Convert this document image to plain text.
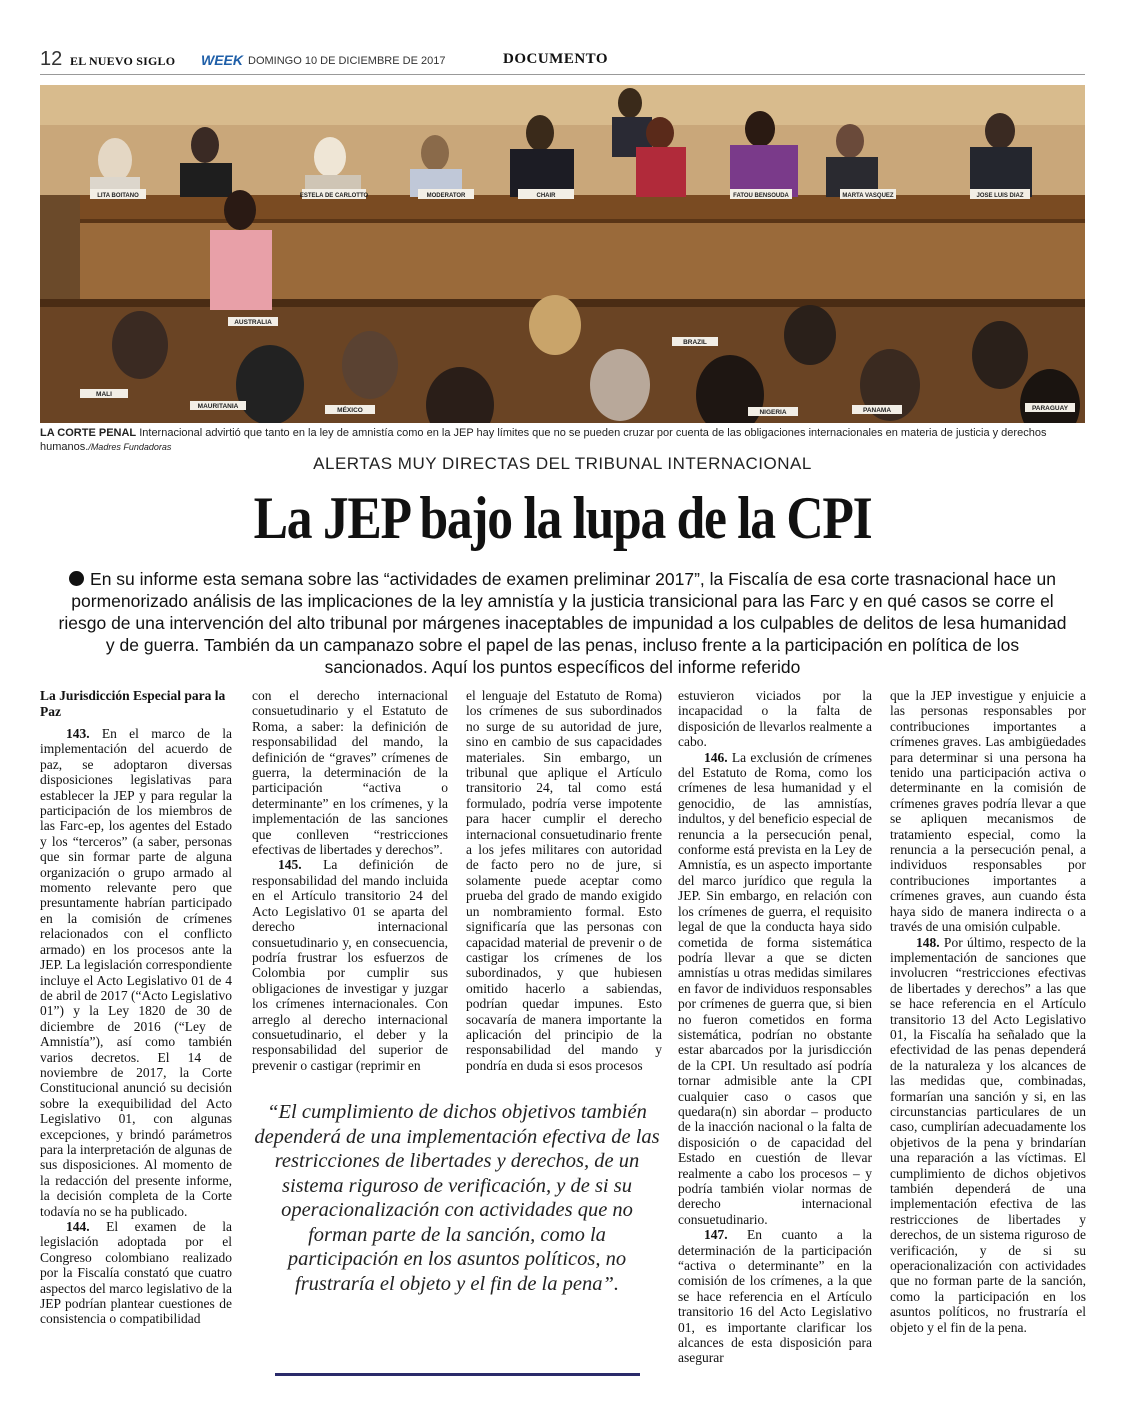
12 EL NUEVO SIGLO WEEK DOMINGO 10 DE DICIEMBRE DE 2017	DOCUMENTO
LITA BOITANO	ESTELA DE CARLOTTO	MODERATOR	CHAIR	FATOU BENSOUDA	MARTA VASQUEZ	JOSE LUIS DIAZ
AUSTRALIA
MALI
MAURITANIA
MÉXICO
BRAZIL
NIGERIA	PANAMA	PARAGUAY
LA CORTE PENAL Internacional advirtió que tanto en la ley de amnistía como en la JEP hay límites que no se pueden cruzar por cuenta de las obligaciones internacionales en materia de justicia y derechos humanos./Madres Fundadoras
ALERTAS MUY DIRECTAS DEL TRIBUNAL INTERNACIONAL
La JEP bajo la lupa de la CPI
En su informe esta semana sobre las “actividades de examen preliminar 2017”, la Fiscalía de esa corte trasnacional hace un pormenorizado análisis de las implicaciones de la ley amnistía y la justicia transicional para las Farc y en qué casos se corre el riesgo de una intervención del alto tribunal por márgenes inaceptables de impunidad a los culpables de delitos de lesa humanidad y de guerra. También da un campanazo sobre el papel de las penas, incluso frente a la participación en política de los sancionados. Aquí los puntos específicos del informe referido
La Jurisdicción Especial para la Paz

143. En el marco de la implementación del acuerdo de paz, se adoptaron diversas disposiciones legislativas para establecer la JEP y para regular la participación de los miembros de las Farc-ep, los agentes del Estado y los “terceros” (a saber, personas que sin formar parte de alguna organización o grupo armado al momento relevante pero que presuntamente habrían participado en la comisión de crímenes relacionados con el conflicto armado) en los procesos ante la JEP. La legislación correspondiente incluye el Acto Legislativo 01 de 4 de abril de 2017 (“Acto Legislativo 01”) y la Ley 1820 de 30 de diciembre de 2016 (“Ley de Amnistía”), así como también varios decretos. El 14 de noviembre de 2017, la Corte Constitucional anunció su decisión sobre la exequibilidad del Acto Legislativo 01, con algunas excepciones, y brindó parámetros para la interpretación de algunas de sus disposiciones. Al momento de la redacción del presente informe, la decisión completa de la Corte todavía no se ha publicado.

144. El examen de la legislación adoptada por el Congreso colombiano realizado por la Fiscalía constató que cuatro aspectos del marco legislativo de la JEP podrían plantear cuestiones de consistencia o compatibilidad

con el derecho internacional consuetudinario y el Estatuto de Roma, a saber: la definición de responsabilidad del mando, la definición de “graves” crímenes de guerra, la determinación de la participación “activa o determinante” en los crímenes, y la implementación de las sanciones que conlleven “restricciones efectivas de libertades y derechos”.

145. La definición de responsabilidad del mando incluida en el Artículo transitorio 24 del Acto Legislativo 01 se aparta del derecho internacional consuetudinario y, en consecuencia, podría frustrar los esfuerzos de Colombia por cumplir sus obligaciones de investigar y juzgar los crímenes internacionales. Con arreglo al derecho internacional consuetudinario, el deber y la responsabilidad del superior de prevenir o castigar (reprimir en

el lenguaje del Estatuto de Roma) los crímenes de sus subordinados no surge de su autoridad de jure, sino en cambio de sus capacidades materiales. Sin embargo, un tribunal que aplique el Artículo transitorio 24, tal como está formulado, podría verse impotente para hacer cumplir el derecho internacional consuetudinario frente a los jefes militares con autoridad de facto pero no de jure, si solamente puede aceptar como prueba del grado de mando exigido un nombramiento formal. Esto significaría que las personas con capacidad material de prevenir o de castigar los crímenes de los subordinados, y que hubiesen omitido hacerlo a sabiendas, podrían quedar impunes. Esto socavaría de manera importante la aplicación del principio de la responsabilidad del mando y pondría en duda si esos procesos

estuvieron viciados por la incapacidad o la falta de disposición de llevarlos realmente a cabo.

146. La exclusión de crímenes del Estatuto de Roma, como los crímenes de lesa humanidad y el genocidio, de las amnistías, indultos, y del beneficio especial de renuncia a la persecución penal, conforme está prevista en la Ley de Amnistía, es un aspecto importante del marco jurídico que regula la JEP. Sin embargo, en relación con los crímenes de guerra, el requisito legal de que la conducta haya sido cometida de forma sistemática podría llevar a que se dicten amnistías u otras medidas similares en favor de individuos responsables por crímenes de guerra que, si bien no fueron cometidos en forma sistemática, podrían no obstante estar abarcados por la jurisdicción de la CPI. Un resultado así podría tornar admisible ante la CPI cualquier caso o casos que quedara(n) sin abordar – producto de la inacción nacional o la falta de disposición o de capacidad del Estado en cuestión de llevar realmente a cabo los procesos – y podría también violar normas de derecho internacional consuetudinario.

147. En cuanto a la determinación de la participación “activa o determinante” en la comisión de los crímenes, a la que se hace referencia en el Artículo transitorio 16 del Acto Legislativo 01, es importante clarificar los alcances de esta disposición para asegurar

que la JEP investigue y enjuicie a las personas responsables por contribuciones importantes a crímenes graves. Las ambigüedades para determinar si una persona ha tenido una participación activa o determinante en la comisión de crímenes graves podría llevar a que se apliquen mecanismos de tratamiento especial, como la renuncia a la persecución penal, a individuos responsables por contribuciones importantes a crímenes graves, aun cuando ésta haya sido de manera indirecta o a través de una omisión culpable.

148. Por último, respecto de la implementación de sanciones que involucren “restricciones efectivas de libertades y derechos” a las que se hace referencia en el Artículo transitorio 13 del Acto Legislativo 01, la Fiscalía ha señalado que la efectividad de las penas dependerá de la naturaleza y los alcances de las medidas que, combinadas, formarían una sanción y si, en las circunstancias particulares de un caso, cumplirían adecuadamente los objetivos de la pena y brindarían una reparación a las víctimas. El cumplimiento de dichos objetivos también dependerá de una implementación efectiva de las restricciones de libertades y derechos, de un sistema riguroso de verificación, y de si su operacionalización con actividades que no forman parte de la sanción, como la participación en los asuntos políticos, no frustraría el objeto y el fin de la pena.

“El cumplimiento de dichos objetivos también dependerá de una implementación efectiva de las restricciones de libertades y derechos, de un sistema riguroso de verificación, y de si su operacionalización con actividades que no forman parte de la sanción, como la participación en los asuntos políticos, no frustraría el objeto y el fin de la pena”.
